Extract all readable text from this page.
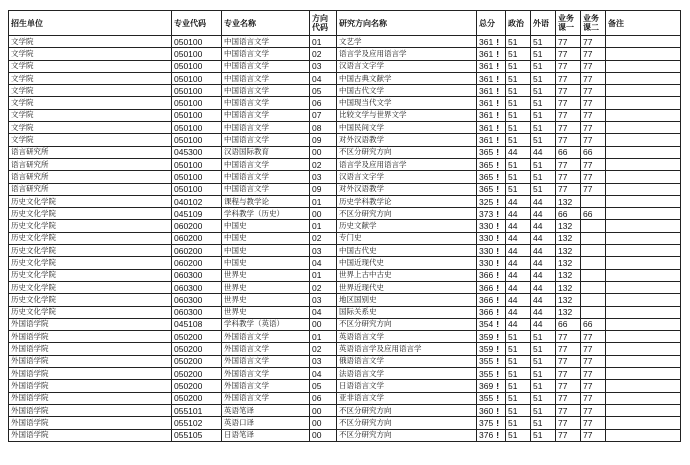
招生单位	专业代码	专业名称	方向代码	研究方向名称	总分	政治	外语	业务课一	业务课二	备注
文学院	050100	中国语言文学	01	文艺学	361 !	51	51	77	77	
文学院	050100	中国语言文学	02	语言学及应用语言学	361 !	51	51	77	77	
文学院	050100	中国语言文学	03	汉语言文字学	361 !	51	51	77	77	
文学院	050100	中国语言文学	04	中国古典文献学	361 !	51	51	77	77	
文学院	050100	中国语言文学	05	中国古代文学	361 !	51	51	77	77	
文学院	050100	中国语言文学	06	中国现当代文学	361 !	51	51	77	77	
文学院	050100	中国语言文学	07	比较文学与世界文学	361 !	51	51	77	77	
文学院	050100	中国语言文学	08	中国民间文学	361 !	51	51	77	77	
文学院	050100	中国语言文学	09	对外汉语教学	361 !	51	51	77	77	
语言研究所	045300	汉语国际教育	00	不区分研究方向	365 !	44	44	66	66	
语言研究所	050100	中国语言文学	02	语言学及应用语言学	365 !	51	51	77	77	
语言研究所	050100	中国语言文学	03	汉语言文字学	365 !	51	51	77	77	
语言研究所	050100	中国语言文学	09	对外汉语教学	365 !	51	51	77	77	
历史文化学院	040102	课程与教学论	01	历史学科教学论	325 !	44	44	132		
历史文化学院	045109	学科教学（历史）	00	不区分研究方向	373 !	44	44	66	66	
历史文化学院	060200	中国史	01	历史文献学	330 !	44	44	132		
历史文化学院	060200	中国史	02	专门史	330 !	44	44	132		
历史文化学院	060200	中国史	03	中国古代史	330 !	44	44	132		
历史文化学院	060200	中国史	04	中国近现代史	330 !	44	44	132		
历史文化学院	060300	世界史	01	世界上古中古史	366 !	44	44	132		
历史文化学院	060300	世界史	02	世界近现代史	366 !	44	44	132		
历史文化学院	060300	世界史	03	地区国别史	366 !	44	44	132		
历史文化学院	060300	世界史	04	国际关系史	366 !	44	44	132		
外国语学院	045108	学科教学（英语）	00	不区分研究方向	354 !	44	44	66	66	
外国语学院	050200	外国语言文学	01	英语语言文学	359 !	51	51	77	77	
外国语学院	050200	外国语言文学	02	英语语言学及应用语言学	359 !	51	51	77	77	
外国语学院	050200	外国语言文学	03	俄语语言文学	355 !	51	51	77	77	
外国语学院	050200	外国语言文学	04	法语语言文学	355 !	51	51	77	77	
外国语学院	050200	外国语言文学	05	日语语言文学	369 !	51	51	77	77	
外国语学院	050200	外国语言文学	06	亚非语言文学	355 !	51	51	77	77	
外国语学院	055101	英语笔译	00	不区分研究方向	360 !	51	51	77	77	
外国语学院	055102	英语口译	00	不区分研究方向	375 !	51	51	77	77	
外国语学院	055105	日语笔译	00	不区分研究方向	376 !	51	51	77	77	
